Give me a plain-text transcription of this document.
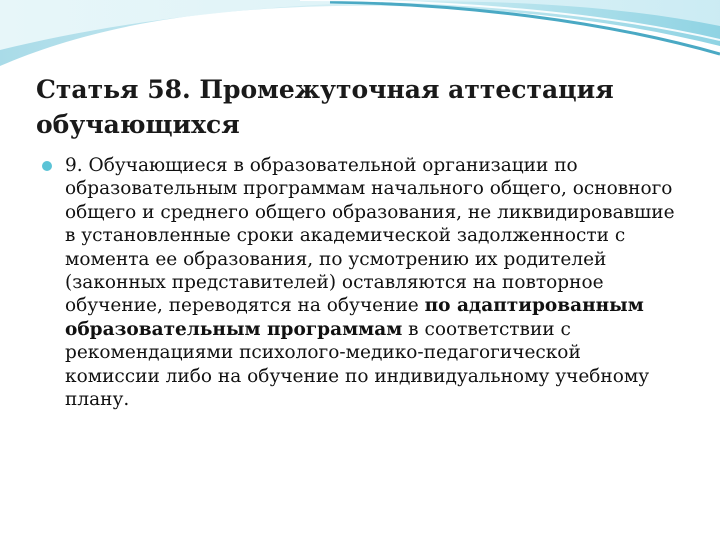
Статья 58. Промежуточная аттестация обучающихся
9. Обучающиеся в образовательной организации по образовательным программам начального общего, основного общего и среднего общего образования, не ликвидировавшие в установленные сроки академической задолженности с момента ее образования, по усмотрению их родителей (законных представителей) оставляются на повторное обучение, переводятся на обучение по адаптированным образовательным программам в соответствии с рекомендациями психолого-медико-педагогической комиссии либо на обучение по индивидуальному учебному плану.
